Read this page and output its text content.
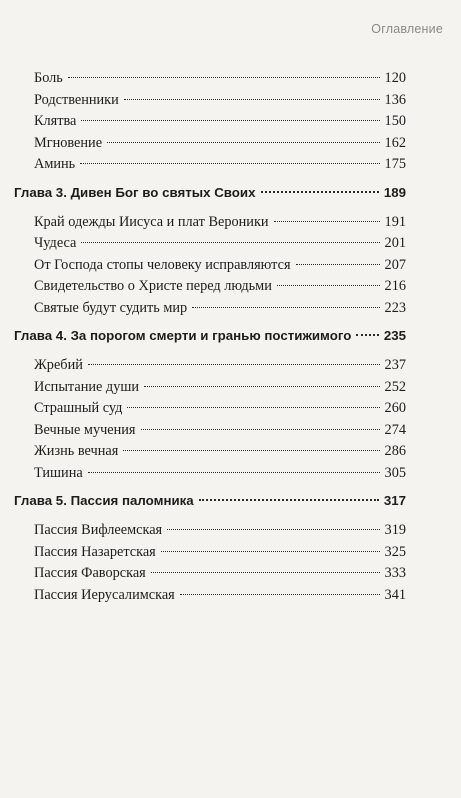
Оглавление
Боль	120
Родственники	136
Клятва	150
Мгновение	162
Аминь	175
Глава 3. Дивен Бог во святых Своих	189
Край одежды Иисуса и плат Вероники	191
Чудеса	201
От Господа стопы человеку исправляются	207
Свидетельство о Христе перед людьми	216
Святые будут судить мир	223
Глава 4. За порогом смерти и гранью постижимого 235
Жребий	237
Испытание души	252
Страшный суд	260
Вечные мучения	274
Жизнь вечная	286
Тишина	305
Глава 5. Пассия паломника	317
Пассия Вифлеемская	319
Пассия Назаретская	325
Пассия Фаворская	333
Пассия Иерусалимская	341
